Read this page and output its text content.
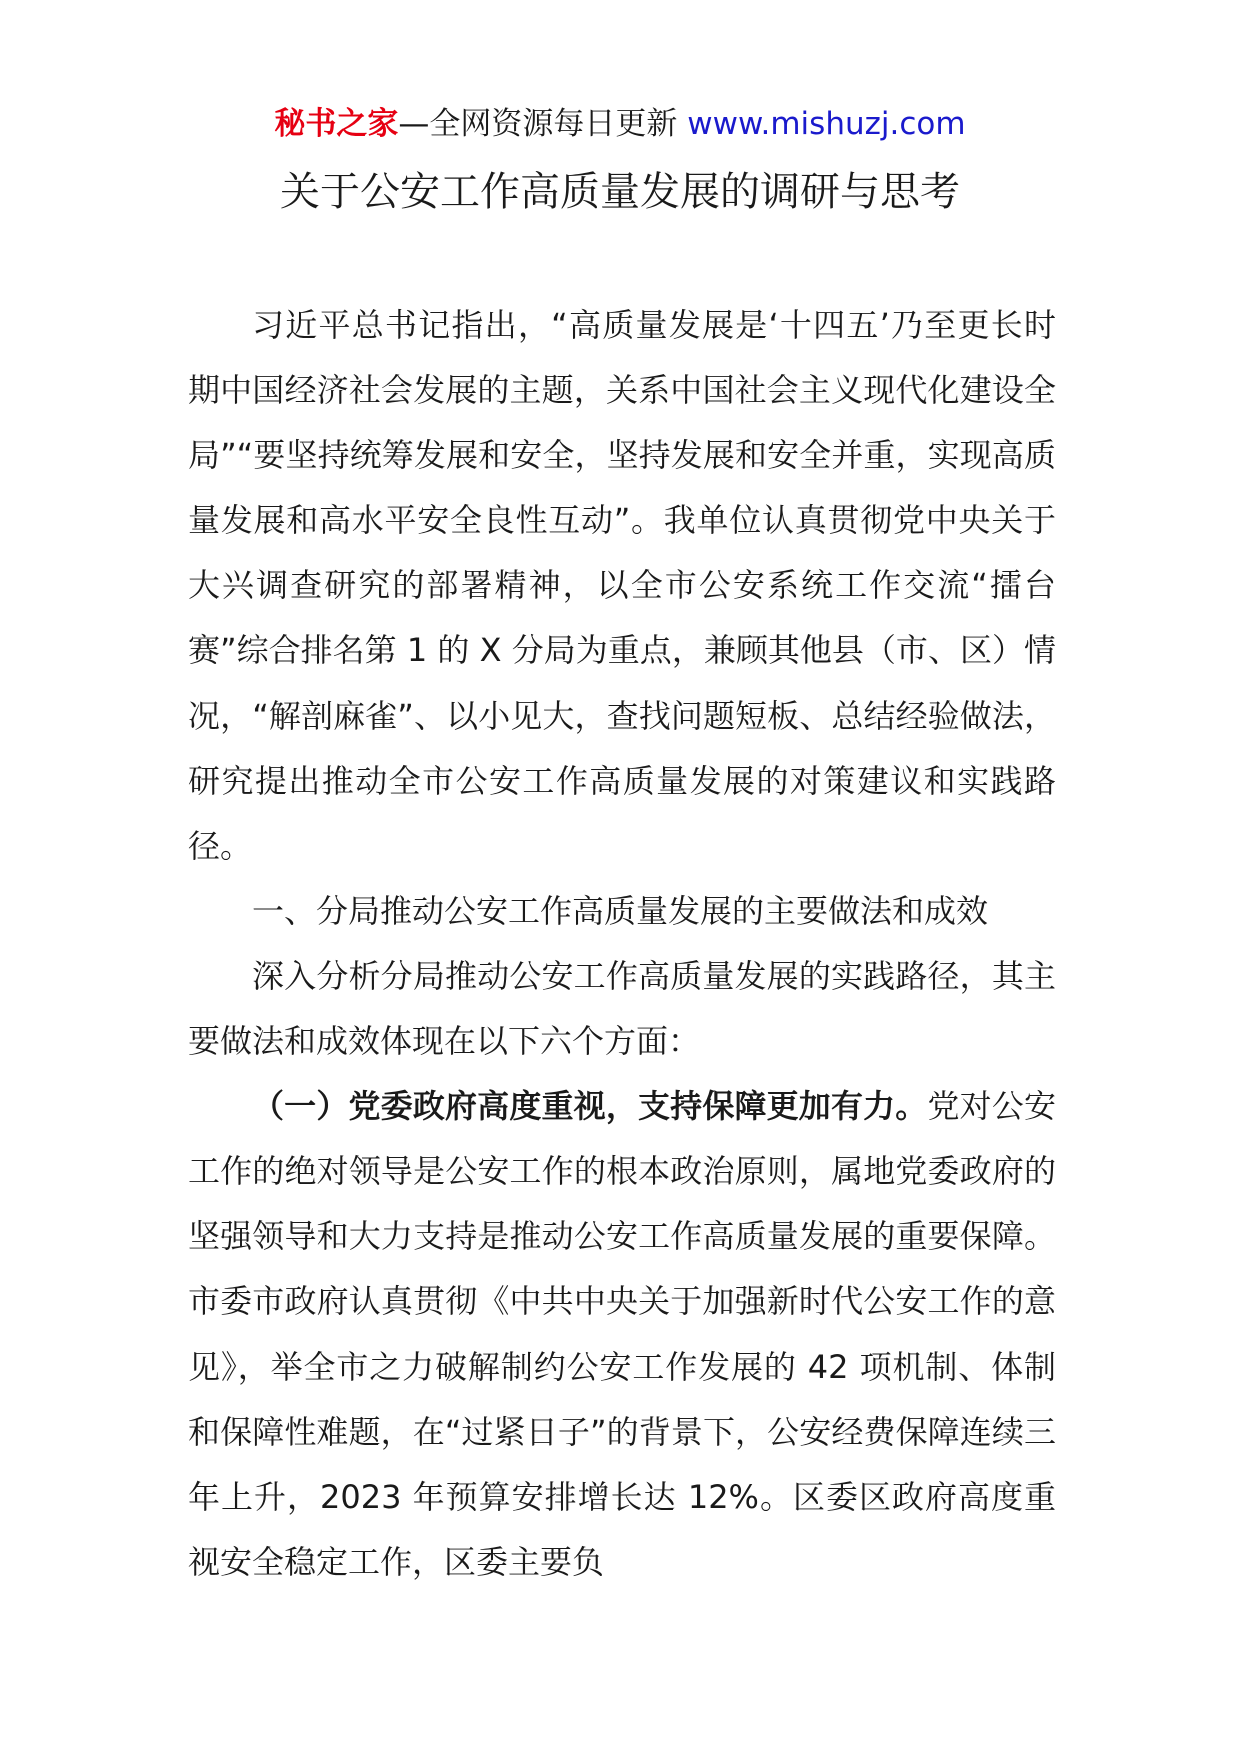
秘书之家—全网资源每日更新 www.mishuzj.com
关于公安工作高质量发展的调研与思考

习近平总书记指出，“高质量发展是‘十四五’乃至更长时期中国经济社会发展的主题，关系中国社会主义现代化建设全局”“要坚持统筹发展和安全，坚持发展和安全并重，实现高质量发展和高水平安全良性互动”。我单位认真贯彻党中央关于大兴调查研究的部署精神，以全市公安系统工作交流“擂台赛”综合排名第 1 的 X 分局为重点，兼顾其他县（市、区）情况，“解剖麻雀”、以小见大，查找问题短板、总结经验做法，研究提出推动全市公安工作高质量发展的对策建议和实践路径。

一、分局推动公安工作高质量发展的主要做法和成效

深入分析分局推动公安工作高质量发展的实践路径，其主要做法和成效体现在以下六个方面：

（一）党委政府高度重视，支持保障更加有力。党对公安工作的绝对领导是公安工作的根本政治原则，属地党委政府的坚强领导和大力支持是推动公安工作高质量发展的重要保障。市委市政府认真贯彻《中共中央关于加强新时代公安工作的意见》，举全市之力破解制约公安工作发展的 42 项机制、体制和保障性难题，在“过紧日子”的背景下，公安经费保障连续三年上升，2023 年预算安排增长达 12%。区委区政府高度重视安全稳定工作，区委主要负
